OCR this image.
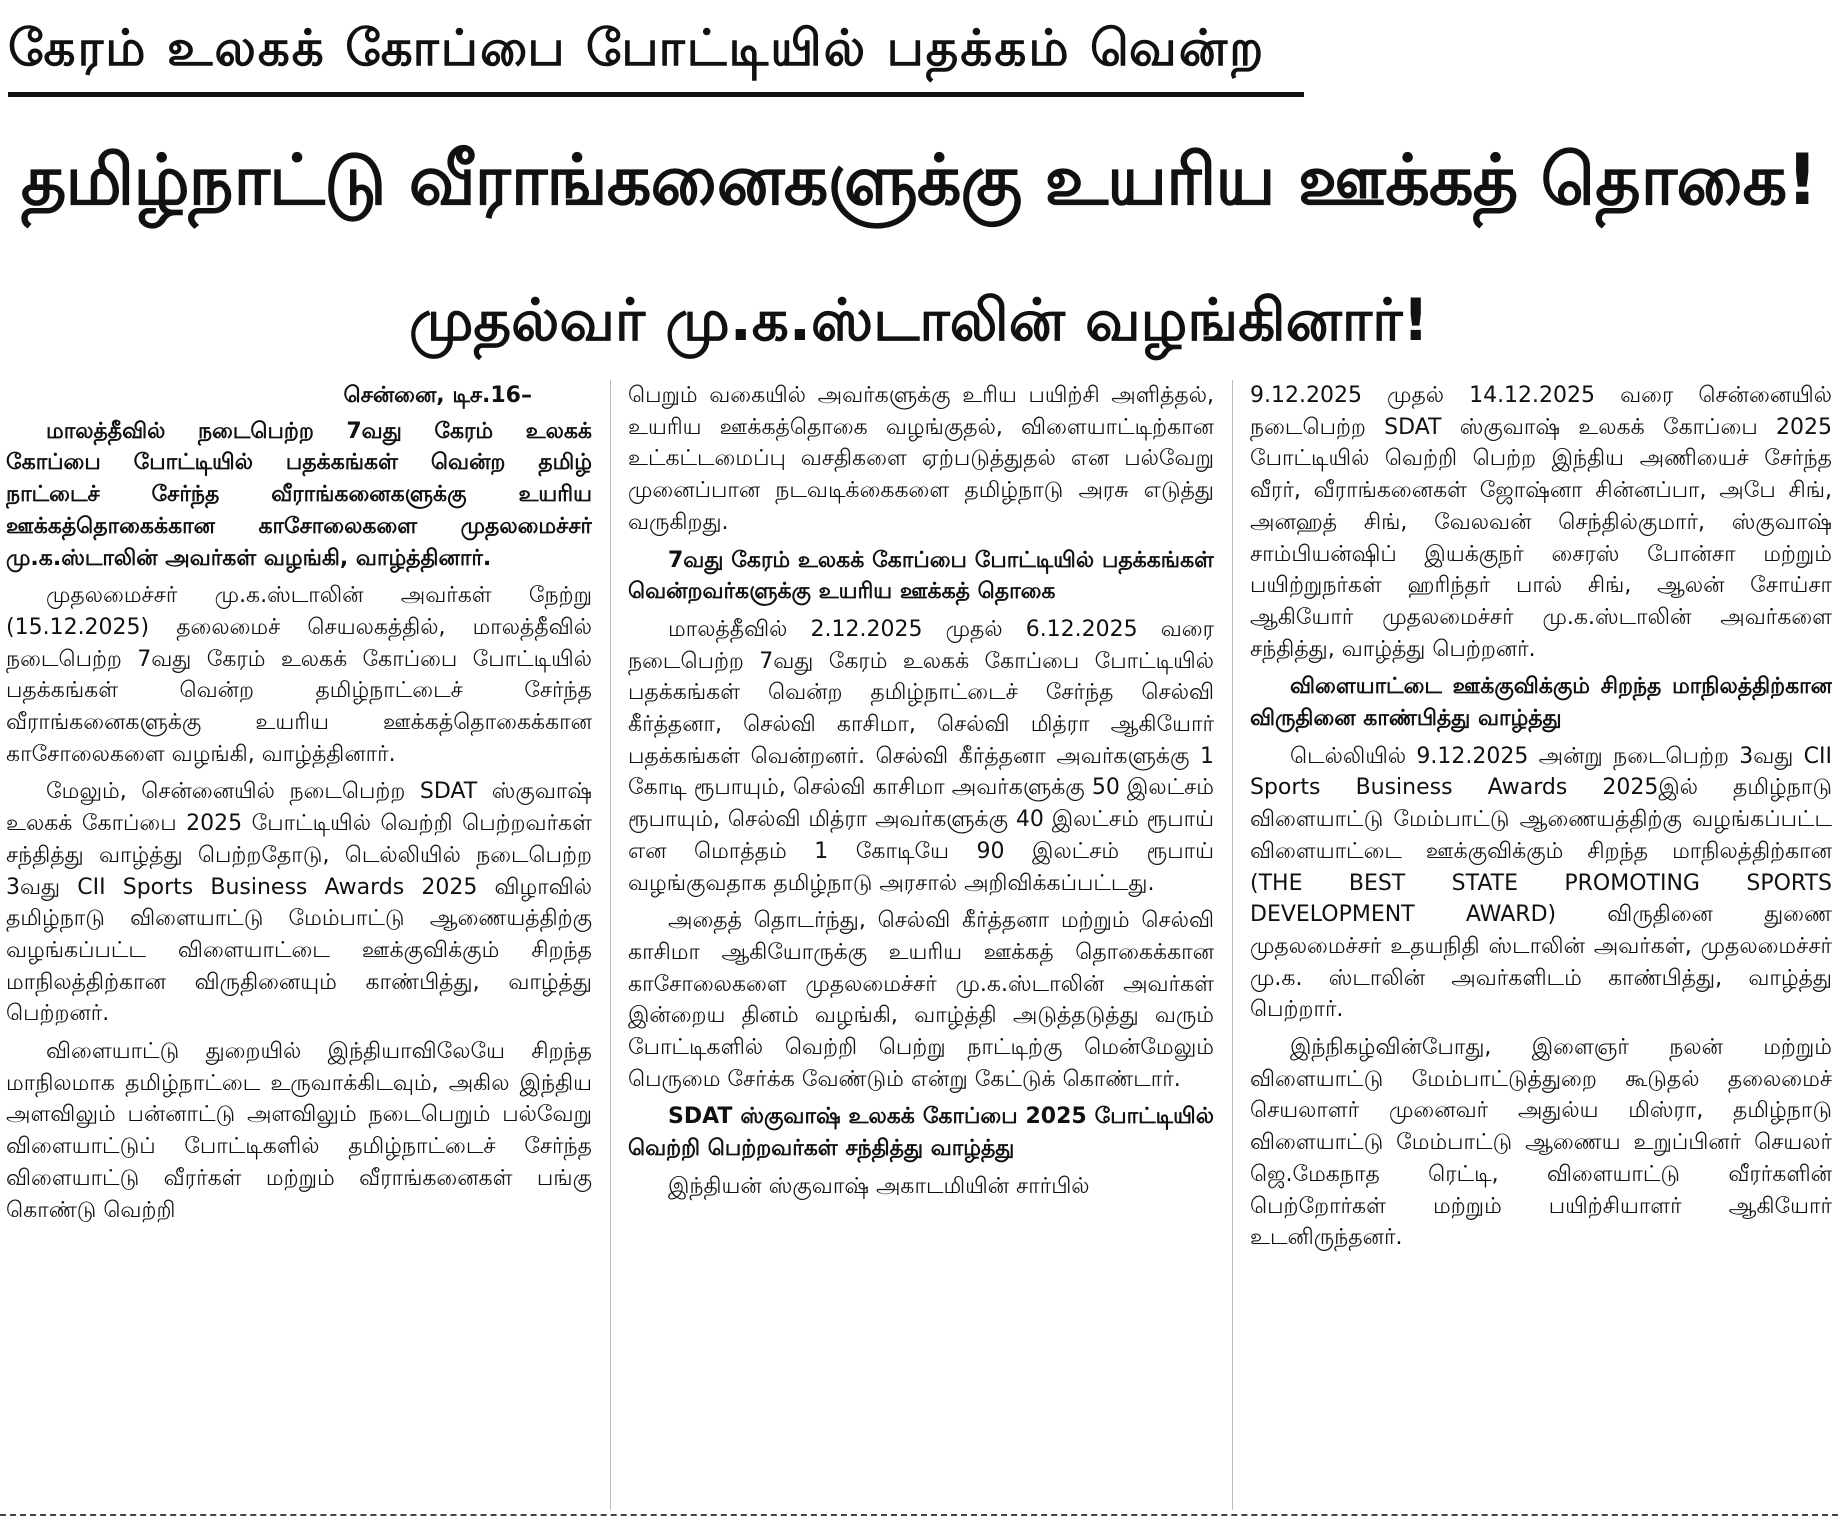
கேரம் உலகக் கோப்பை போட்டியில் பதக்கம் வென்ற
தமிழ்நாட்டு வீராங்கனைகளுக்கு உயரிய ஊக்கத் தொகை!
முதல்வர் மு.க.ஸ்டாலின் வழங்கினார்!
சென்னை, டிச.16–

மாலத்தீவில் நடைபெற்ற 7வது கேரம் உலகக் கோப்பை போட்டியில் பதக்கங்கள் வென்ற தமிழ் நாட்டைச் சேர்ந்த வீராங்கனைகளுக்கு உயரிய ஊக்கத்தொகைக்கான காசோலைகளை முதலமைச்சர் மு.க.ஸ்டாலின் அவர்கள் வழங்கி, வாழ்த்தினார்.

முதலமைச்சர் மு.க.ஸ்டாலின் அவர்கள் நேற்று (15.12.2025) தலைமைச் செயலகத்தில், மாலத்தீவில் நடைபெற்ற 7வது கேரம் உலகக் கோப்பை போட்டியில் பதக்கங்கள் வென்ற தமிழ்நாட்டைச் சேர்ந்த வீராங்கனைகளுக்கு உயரிய ஊக்கத்தொகைக்கான காசோலைகளை வழங்கி, வாழ்த்தினார்.

மேலும், சென்னையில் நடைபெற்ற SDAT ஸ்குவாஷ் உலகக் கோப்பை 2025 போட்டியில் வெற்றி பெற்றவர்கள் சந்தித்து வாழ்த்து பெற்றதோடு, டெல்லியில் நடைபெற்ற 3வது CII Sports Business Awards 2025 விழாவில் தமிழ்நாடு விளையாட்டு மேம்பாட்டு ஆணையத்திற்கு வழங்கப்பட்ட விளையாட்டை ஊக்குவிக்கும் சிறந்த மாநிலத்திற்கான விருதினையும் காண்பித்து, வாழ்த்து பெற்றனர்.

விளையாட்டு துறையில் இந்தியாவிலேயே சிறந்த மாநிலமாக தமிழ்நாட்டை உருவாக்கிடவும், அகில இந்திய அளவிலும் பன்னாட்டு அளவிலும் நடைபெறும் பல்வேறு விளையாட்டுப் போட்டிகளில் தமிழ்நாட்டைச் சேர்ந்த விளையாட்டு வீரர்கள் மற்றும் வீராங்கனைகள் பங்கு கொண்டு வெற்றி

பெறும் வகையில் அவர்களுக்கு உரிய பயிற்சி அளித்தல், உயரிய ஊக்கத்தொகை வழங்குதல், விளையாட்டிற்கான உட்கட்டமைப்பு வசதிகளை ஏற்படுத்துதல் என பல்வேறு முனைப்பான நடவடிக்கைகளை தமிழ்நாடு அரசு எடுத்து வருகிறது.

7வது கேரம் உலகக் கோப்பை போட்டியில் பதக்கங்கள் வென்றவர்களுக்கு உயரிய ஊக்கத் தொகை

மாலத்தீவில் 2.12.2025 முதல் 6.12.2025 வரை நடைபெற்ற 7வது கேரம் உலகக் கோப்பை போட்டியில் பதக்கங்கள் வென்ற தமிழ்நாட்டைச் சேர்ந்த செல்வி கீர்த்தனா, செல்வி காசிமா, செல்வி மித்ரா ஆகியோர் பதக்கங்கள் வென்றனர். செல்வி கீர்த்தனா அவர்களுக்கு 1 கோடி ரூபாயும், செல்வி காசிமா அவர்களுக்கு 50 இலட்சம் ரூபாயும், செல்வி மித்ரா அவர்களுக்கு 40 இலட்சம் ரூபாய் என மொத்தம் 1 கோடியே 90 இலட்சம் ரூபாய் வழங்குவதாக தமிழ்நாடு அரசால் அறிவிக்கப்பட்டது.

அதைத் தொடர்ந்து, செல்வி கீர்த்தனா மற்றும் செல்வி காசிமா ஆகியோருக்கு உயரிய ஊக்கத் தொகைக்கான காசோலைகளை முதலமைச்சர் மு.க.ஸ்டாலின் அவர்கள் இன்றைய தினம் வழங்கி, வாழ்த்தி அடுத்தடுத்து வரும் போட்டிகளில் வெற்றி பெற்று நாட்டிற்கு மென்மேலும் பெருமை சேர்க்க வேண்டும் என்று கேட்டுக் கொண்டார்.

SDAT ஸ்குவாஷ் உலகக் கோப்பை 2025 போட்டியில் வெற்றி பெற்றவர்கள் சந்தித்து வாழ்த்து

இந்தியன் ஸ்குவாஷ் அகாடமியின் சார்பில்

9.12.2025 முதல் 14.12.2025 வரை சென்னையில் நடைபெற்ற SDAT ஸ்குவாஷ் உலகக் கோப்பை 2025 போட்டியில் வெற்றி பெற்ற இந்திய அணியைச் சேர்ந்த வீரர், வீராங்கனைகள் ஜோஷ்னா சின்னப்பா, அபே சிங், அனஹத் சிங், வேலவன் செந்தில்குமார், ஸ்குவாஷ் சாம்பியன்ஷிப் இயக்குநர் சைரஸ் போன்சா மற்றும் பயிற்றுநர்கள் ஹரிந்தர் பால் சிங், ஆலன் சோய்சா ஆகியோர் முதலமைச்சர் மு.க.ஸ்டாலின் அவர்களை சந்தித்து, வாழ்த்து பெற்றனர்.

விளையாட்டை ஊக்குவிக்கும் சிறந்த மாநிலத்திற்கான விருதினை காண்பித்து வாழ்த்து

டெல்லியில் 9.12.2025 அன்று நடைபெற்ற 3வது CII Sports Business Awards 2025இல் தமிழ்நாடு விளையாட்டு மேம்பாட்டு ஆணையத்திற்கு வழங்கப்பட்ட விளையாட்டை ஊக்குவிக்கும் சிறந்த மாநிலத்திற்கான (THE BEST STATE PROMOTING SPORTS DEVELOPMENT AWARD) விருதினை துணை முதலமைச்சர் உதயநிதி ஸ்டாலின் அவர்கள், முதலமைச்சர் மு.க. ஸ்டாலின் அவர்களிடம் காண்பித்து, வாழ்த்து பெற்றார்.

இந்நிகழ்வின்போது, இளைஞர் நலன் மற்றும் விளையாட்டு மேம்பாட்டுத்துறை கூடுதல் தலைமைச் செயலாளர் முனைவர் அதுல்ய மிஸ்ரா, தமிழ்நாடு விளையாட்டு மேம்பாட்டு ஆணைய உறுப்பினர் செயலர் ஜெ.மேகநாத ரெட்டி, விளையாட்டு வீரர்களின் பெற்றோர்கள் மற்றும் பயிற்சியாளர் ஆகியோர் உடனிருந்தனர்.
